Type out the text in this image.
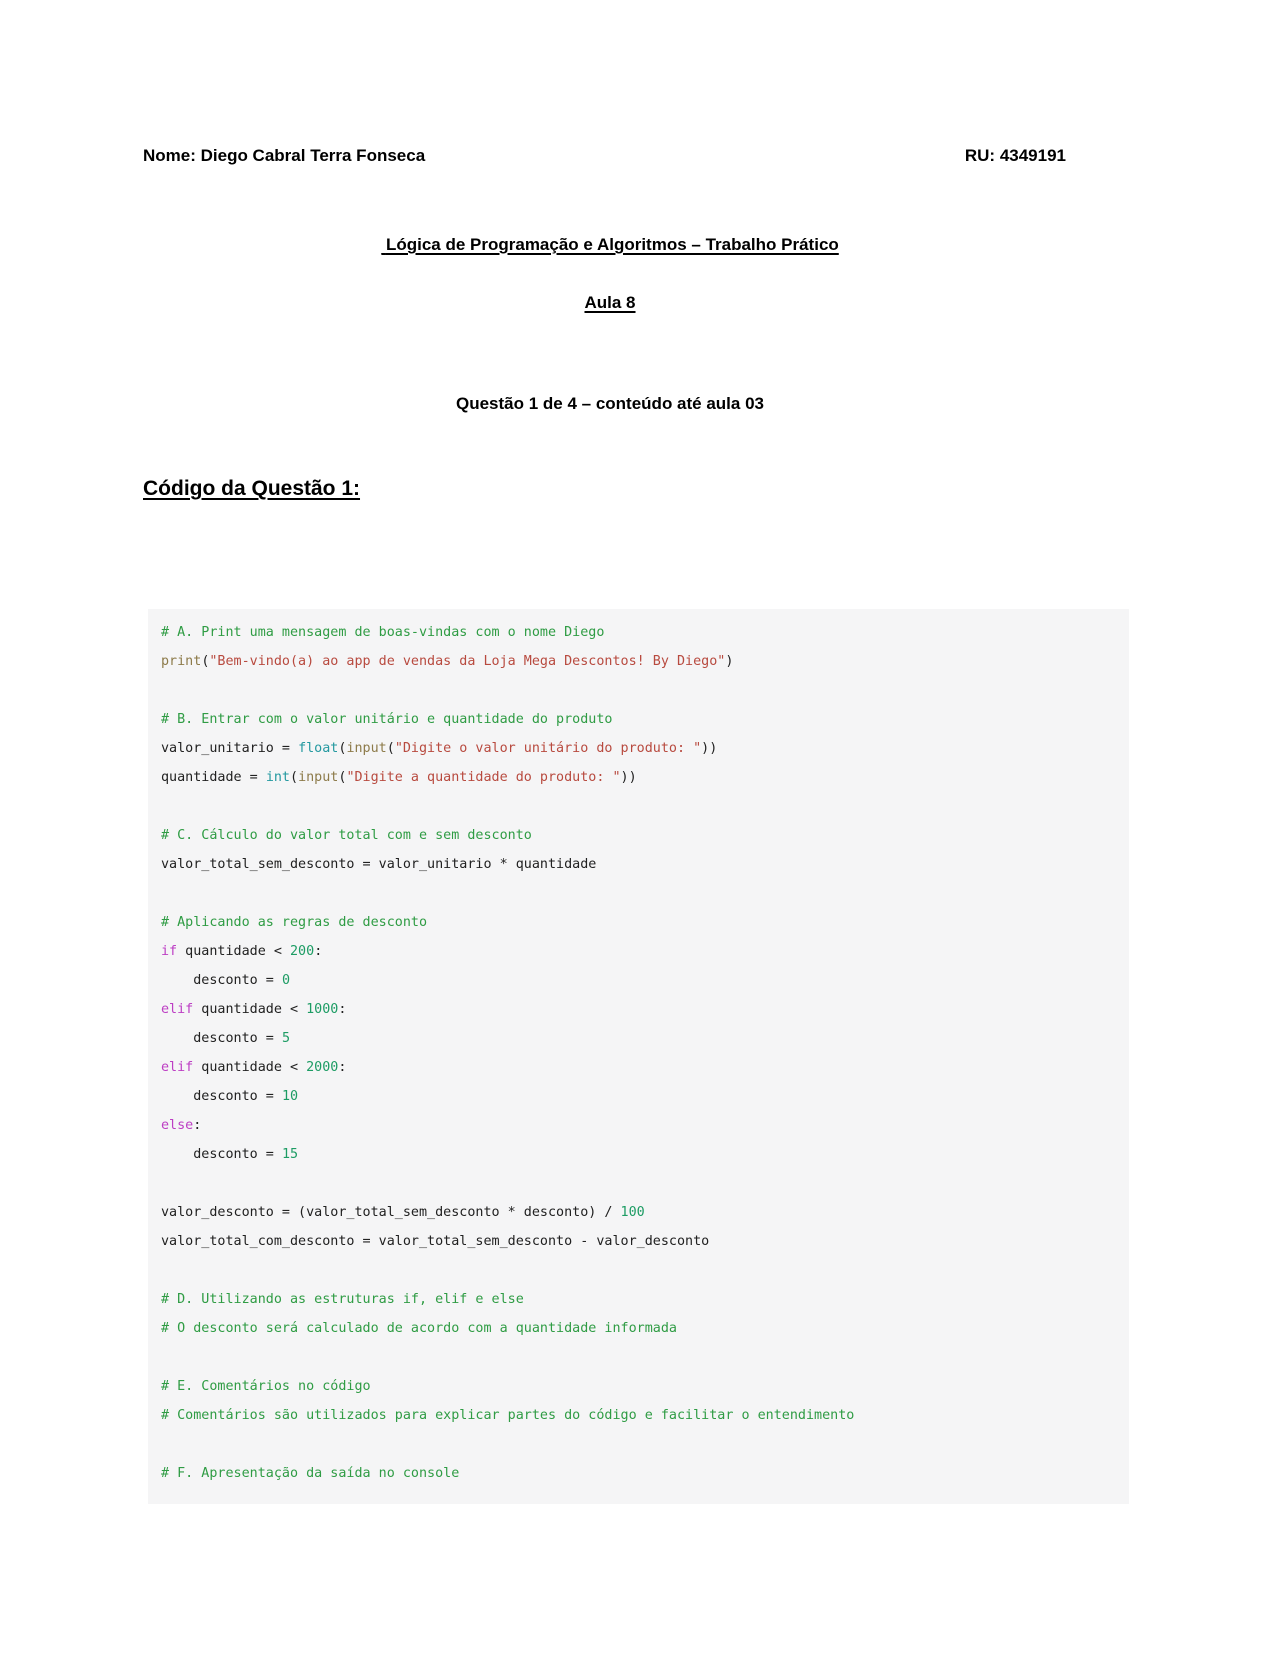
Nome: Diego Cabral Terra Fonseca	RU: 4349191
Lógica de Programação e Algoritmos – Trabalho Prático
Aula 8
Questão 1 de 4 – conteúdo até aula 03
Código da Questão 1:
# A. Print uma mensagem de boas-vindas com o nome Diego
print("Bem-vindo(a) ao app de vendas da Loja Mega Descontos! By Diego")

# B. Entrar com o valor unitário e quantidade do produto
valor_unitario = float(input("Digite o valor unitário do produto: "))
quantidade = int(input("Digite a quantidade do produto: "))

# C. Cálculo do valor total com e sem desconto
valor_total_sem_desconto = valor_unitario * quantidade

# Aplicando as regras de desconto
if quantidade < 200:
desconto = 0
elif quantidade < 1000:
desconto = 5
elif quantidade < 2000:
desconto = 10
else:
desconto = 15

valor_desconto = (valor_total_sem_desconto * desconto) / 100
valor_total_com_desconto = valor_total_sem_desconto - valor_desconto

# D. Utilizando as estruturas if, elif e else
# O desconto será calculado de acordo com a quantidade informada

# E. Comentários no código
# Comentários são utilizados para explicar partes do código e facilitar o entendimento

# F. Apresentação da saída no console
